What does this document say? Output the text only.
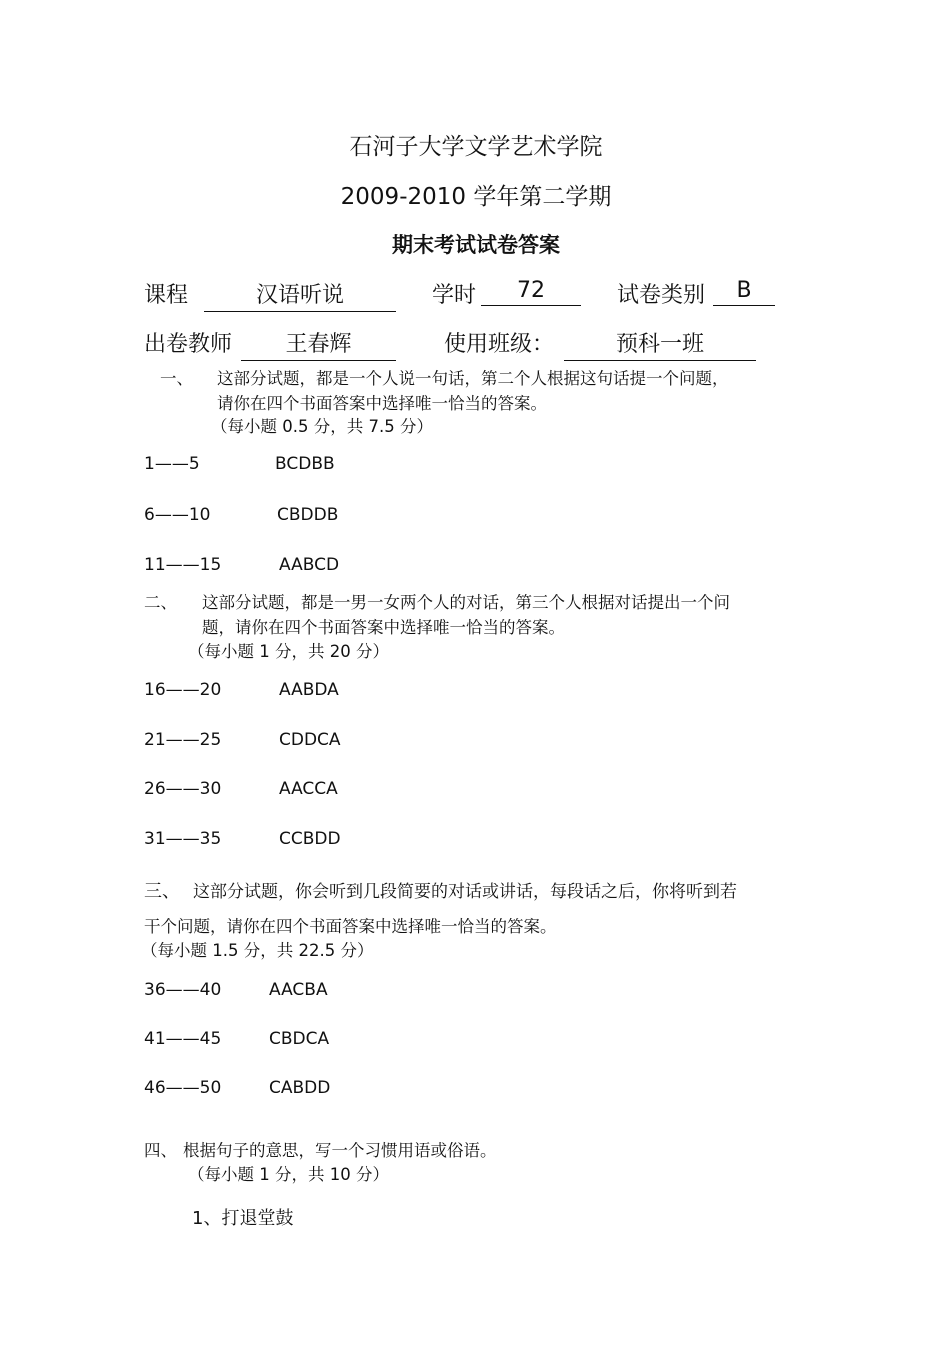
石河子大学文学艺术学院
2009-2010 学年第二学期
期末考试试卷答案
课程	汉语听说	学时	72	试卷类别	B
出卷教师	王春辉	使用班级：	预科一班
一、 这部分试题，都是一个人说一句话，第二个人根据这句话提一个问题，
请你在四个书面答案中选择唯一恰当的答案。
（每小题 0.5 分，共 7.5 分）
1——5	BCDBB
6——10	CBDDB
11——15	AABCD
二、 这部分试题，都是一男一女两个人的对话，第三个人根据对话提出一个问
题，请你在四个书面答案中选择唯一恰当的答案。
（每小题 1 分，共 20 分）
16——20	AABDA
21——25	CDDCA
26——30	AACCA
31——35	CCBDD
三、 这部分试题，你会听到几段简要的对话或讲话，每段话之后，你将听到若
干个问题，请你在四个书面答案中选择唯一恰当的答案。
（每小题 1.5 分，共 22.5 分）
36——40	AACBA
41——45	CBDCA
46——50	CABDD
四、 根据句子的意思，写一个习惯用语或俗语。
（每小题 1 分，共 10 分）
1、打退堂鼓
